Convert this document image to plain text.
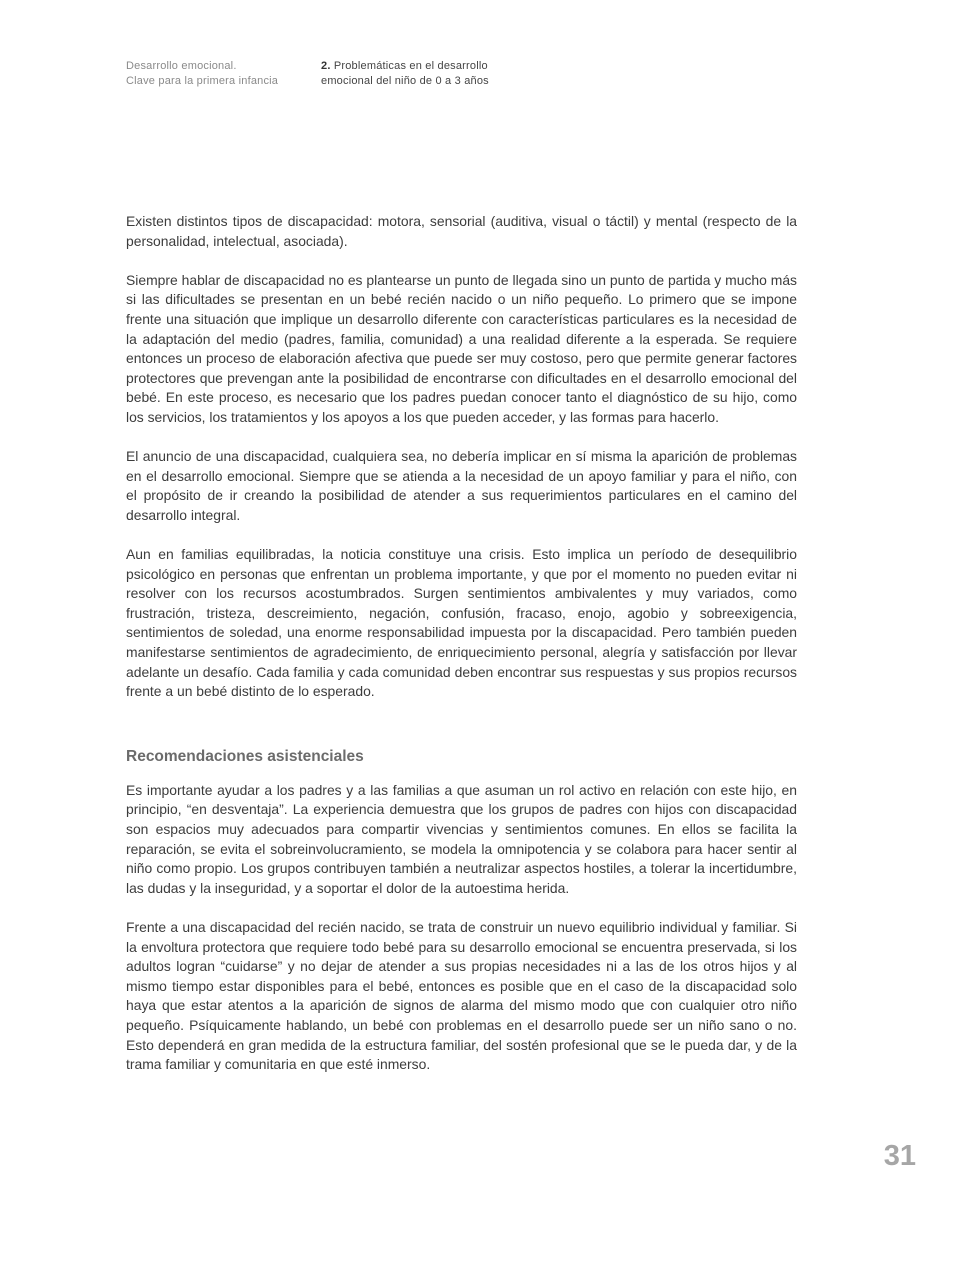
Desarrollo emocional.
Clave para la primera infancia
2. Problemáticas en el desarrollo
emocional del niño de 0 a 3 años

Existen distintos tipos de discapacidad: motora, sensorial (auditiva, visual o táctil) y mental (respecto de la personalidad, intelectual, asociada).

Siempre hablar de discapacidad no es plantearse un punto de llegada sino un punto de partida y mucho más si las dificultades se presentan en un bebé recién nacido o un niño pequeño. Lo primero que se impone frente una situación que implique un desarrollo diferente con características particulares es la necesidad de la adaptación del medio (padres, familia, comunidad) a una realidad diferente a la esperada. Se requiere entonces un proceso de elaboración afectiva que puede ser muy costoso, pero que permite generar factores protectores que prevengan ante la posibilidad de encontrarse con dificultades en el desarrollo emocional del bebé. En este proceso, es necesario que los padres puedan conocer tanto el diagnóstico de su hijo, como los servicios, los tratamientos y los apoyos a los que pueden acceder, y las formas para hacerlo.

El anuncio de una discapacidad, cualquiera sea, no debería implicar en sí misma la aparición de problemas en el desarrollo emocional. Siempre que se atienda a la necesidad de un apoyo familiar y para el niño, con el propósito de ir creando la posibilidad de atender a sus requerimientos particulares en el camino del desarrollo integral.

Aun en familias equilibradas, la noticia constituye una crisis. Esto implica un período de desequilibrio psicológico en personas que enfrentan un problema importante, y que por el momento no pueden evitar ni resolver con los recursos acostumbrados. Surgen sentimientos ambivalentes y muy variados, como frustración, tristeza, descreimiento, negación, confusión, fracaso, enojo, agobio y sobreexigencia, sentimientos de soledad, una enorme responsabilidad impuesta por la discapacidad. Pero también pueden manifestarse sentimientos de agradecimiento, de enriquecimiento personal, alegría y satisfacción por llevar adelante un desafío. Cada familia y cada comunidad deben encontrar sus respuestas y sus propios recursos frente a un bebé distinto de lo esperado.

Recomendaciones asistenciales

Es importante ayudar a los padres y a las familias a que asuman un rol activo en relación con este hijo, en principio, “en desventaja”. La experiencia demuestra que los grupos de padres con hijos con discapacidad son espacios muy adecuados para compartir vivencias y sentimientos comunes. En ellos se facilita la reparación, se evita el sobreinvolucramiento, se modela la omnipotencia y se colabora para hacer sentir al niño como propio. Los grupos contribuyen también a neutralizar aspectos hostiles, a tolerar la incertidumbre, las dudas y la inseguridad, y a soportar el dolor de la autoestima herida.

Frente a una discapacidad del recién nacido, se trata de construir un nuevo equilibrio individual y familiar. Si la envoltura protectora que requiere todo bebé para su desarrollo emocional se encuentra preservada, si los adultos logran “cuidarse” y no dejar de atender a sus propias necesidades ni a las de los otros hijos y al mismo tiempo estar disponibles para el bebé, entonces es posible que en el caso de la discapacidad solo haya que estar atentos a la aparición de signos de alarma del mismo modo que con cualquier otro niño pequeño. Psíquicamente hablando, un bebé con problemas en el desarrollo puede ser un niño sano o no. Esto dependerá en gran medida de la estructura familiar, del sostén profesional que se le pueda dar, y de la trama familiar y comunitaria en que esté inmerso.

31
